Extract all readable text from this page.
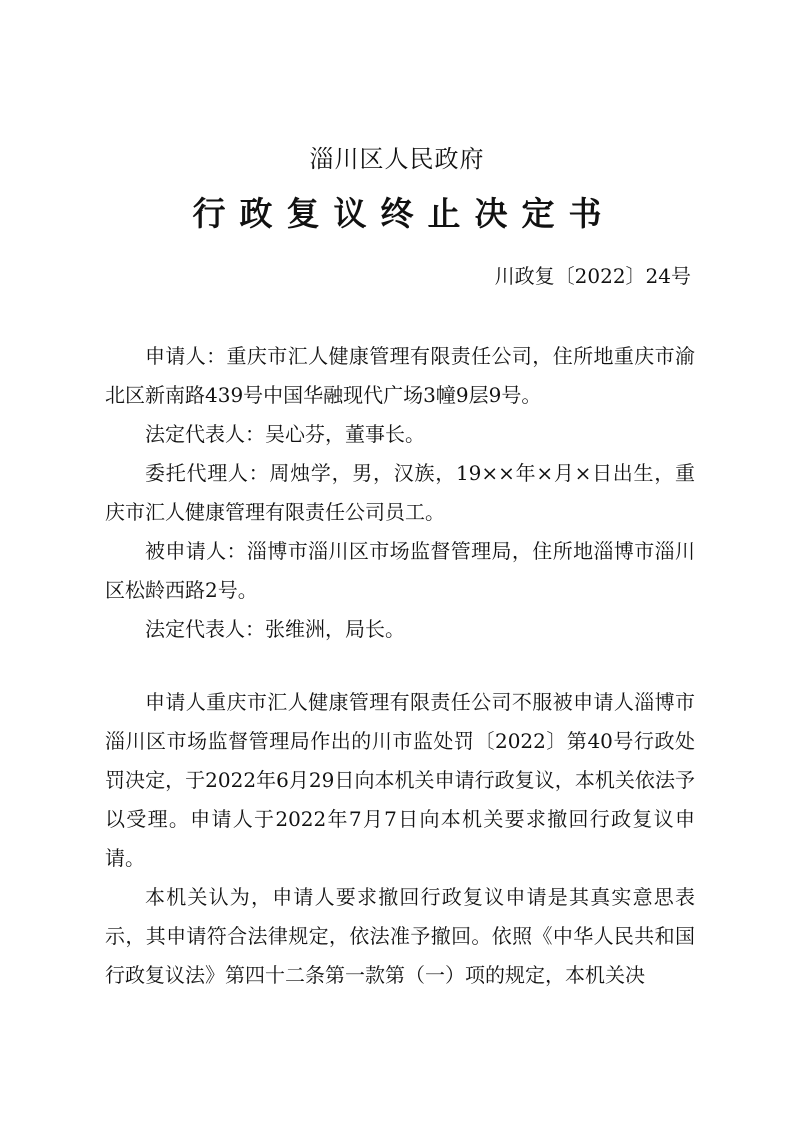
淄川区人民政府
行政复议终止决定书
川政复〔2022〕24号

申请人：重庆市汇人健康管理有限责任公司，住所地重庆市渝北区新南路439号中国华融现代广场3幢9层9号。

法定代表人：吴心芬，董事长。

委托代理人：周烛学，男，汉族，19××年×月×日出生，重庆市汇人健康管理有限责任公司员工。

被申请人：淄博市淄川区市场监督管理局，住所地淄博市淄川区松龄西路2号。

法定代表人：张维洲，局长。

申请人重庆市汇人健康管理有限责任公司不服被申请人淄博市淄川区市场监督管理局作出的川市监处罚〔2022〕第40号行政处罚决定，于2022年6月29日向本机关申请行政复议，本机关依法予以受理。申请人于2022年7月7日向本机关要求撤回行政复议申请。

本机关认为，申请人要求撤回行政复议申请是其真实意思表示，其申请符合法律规定，依法准予撤回。依照《中华人民共和国行政复议法》第四十二条第一款第（一）项的规定，本机关决
